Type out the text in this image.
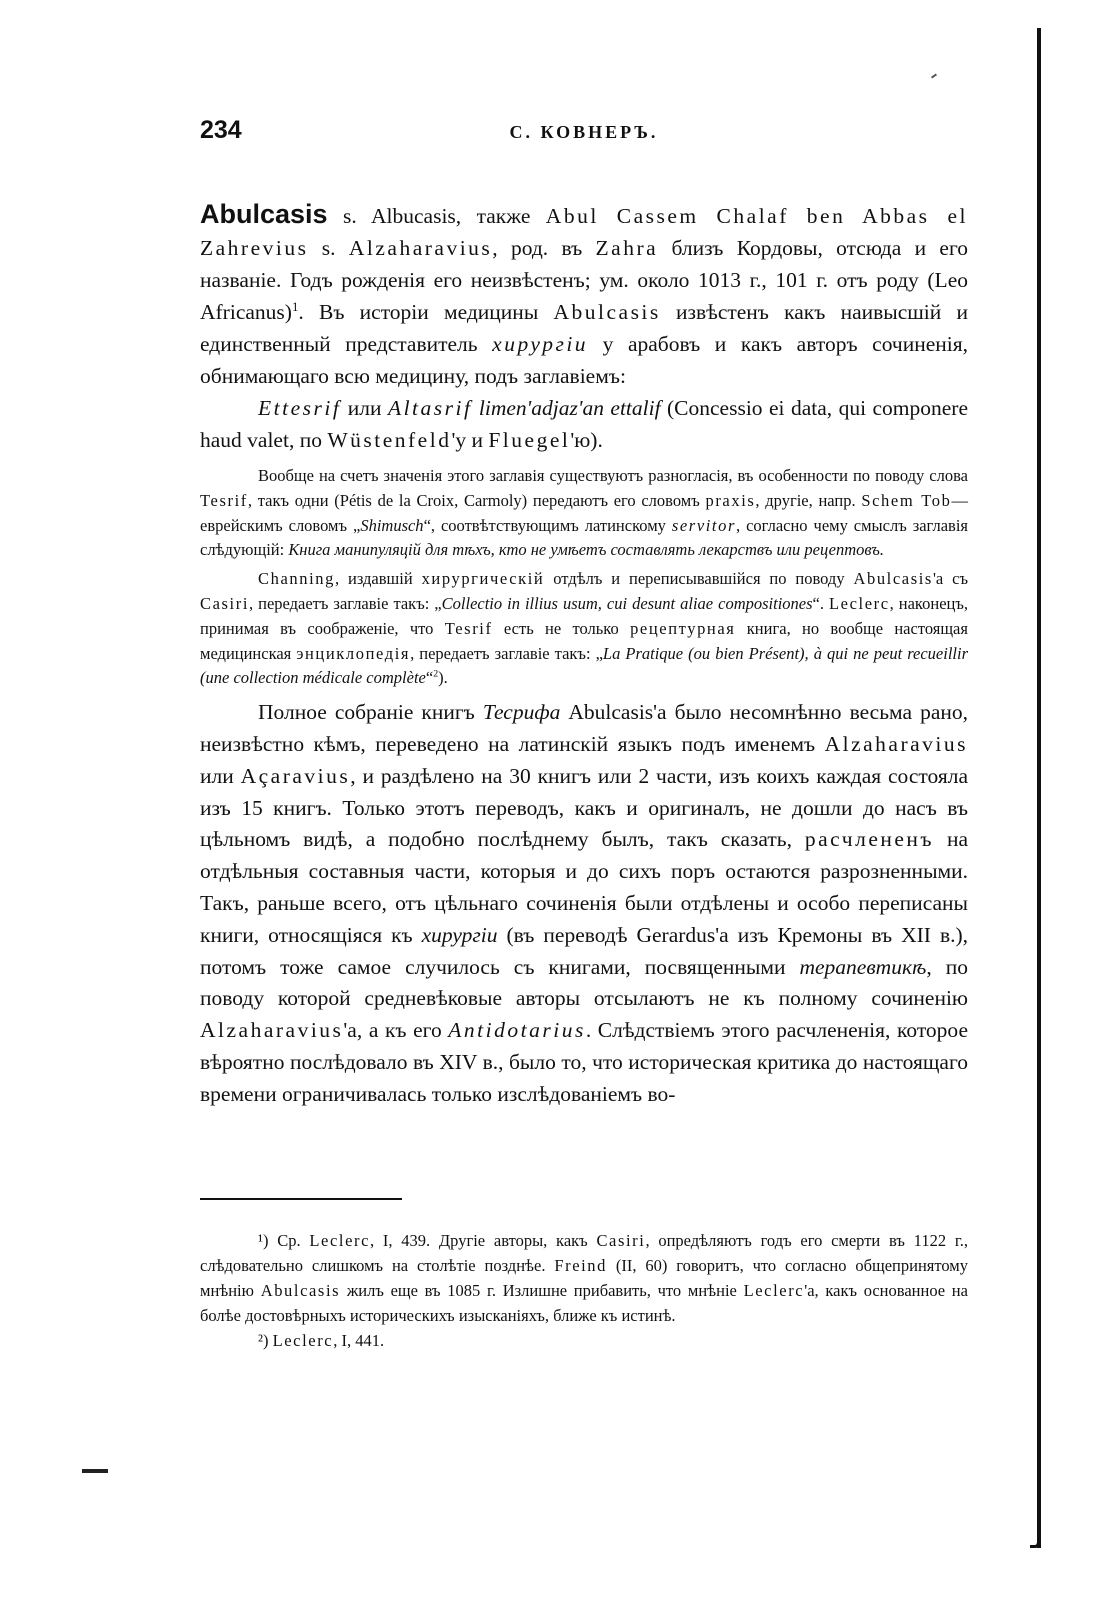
234	С. КОВНЕРЪ.

Abulcasis s. Albucasis, также Abul Cassem Chalaf ben Abbas el Zahrevius s. Alzaharavius, род. въ Zahra близъ Кордовы, отсюда и его названіе. Годъ рожденія его неизвѣстенъ; ум. около 1013 г., 101 г. отъ роду (Leo Africanus)$^1$. Въ исторіи медицины Abulcasis извѣстенъ какъ наивысшій и единственный представитель хирургіи у арабовъ и какъ авторъ сочиненія, обнимающаго всю медицину, подъ заглавіемъ:
Ettesrif или Altasrif limen'adjaz'an ettalif (Concessio ei data, qui componere haud valet, по Wüstenfeld'у и Fluegel'ю).

Вообще на счетъ значенія этого заглавія существуютъ разногласія, въ особенности по поводу слова Tesrif, такъ одни (Pétis de la Croix, Carmoly) передаютъ его словомъ praxis, другіе, напр. Schem Tob—еврейскимъ словомъ „Shimusch“, соотвѣтствующимъ латинскому servitor, согласно чему смыслъ заглавія слѣдующій: Книга манипуляцій для тѣхъ, кто не умѣетъ составлять лекарствъ или рецептовъ.

Channing, издавшій хирургическій отдѣлъ и переписывавшійся по поводу Abulcasis'а съ Casiri, передаетъ заглавіе такъ: „Collectio in illius usum, cui desunt aliae compositiones“. Leclerc, наконецъ, принимая въ соображеніе, что Tesrif есть не только рецептурная книга, но вообще настоящая медицинская энциклопедія, передаетъ заглавіе такъ: „La Pratique (ou bien Présent), à qui ne peut recueillir (une collection médicale complète“$^2$).

Полное собраніе книгъ Тесрифа Abulcasis'а было несомнѣнно весьма рано, неизвѣстно кѣмъ, переведено на латинскій языкъ подъ именемъ Alzaharavius или Açaravius, и раздѣлено на 30 книгъ или 2 части, изъ коихъ каждая состояла изъ 15 книгъ. Только этотъ переводъ, какъ и оригиналъ, не дошли до насъ въ цѣльномъ видѣ, а подобно послѣднему былъ, такъ сказать, расчлененъ на отдѣльныя составныя части, которыя и до сихъ поръ остаются разрозненными. Такъ, раньше всего, отъ цѣльнаго сочиненія были отдѣлены и особо переписаны книги, относящіяся къ хирургіи (въ переводѣ Gerardus'а изъ Кремоны въ XII в.), потомъ тоже самое случилось съ книгами, посвященными терапевтикѣ, по поводу которой средневѣковые авторы отсылаютъ не къ полному сочиненію Alzaharavius'а, а къ его Antidotarius. Слѣдствіемъ этого расчлененія, которое вѣроятно послѣдовало въ XIV в., было то, что историческая критика до настоящаго времени ограничивалась только изслѣдованіемъ во-

¹) Ср. Leclerc, I, 439. Другіе авторы, какъ Casiri, опредѣляютъ годъ его смерти въ 1122 г., слѣдовательно слишкомъ на столѣтіе позднѣе. Freind (II, 60) говоритъ, что согласно общепринятому мнѣнію Abulcasis жилъ еще въ 1085 г. Излишне прибавить, что мнѣніе Leclerc'а, какъ основанное на болѣе достовѣрныхъ историческихъ изысканіяхъ, ближе къ истинѣ.

²) Leclerc, I, 441.
